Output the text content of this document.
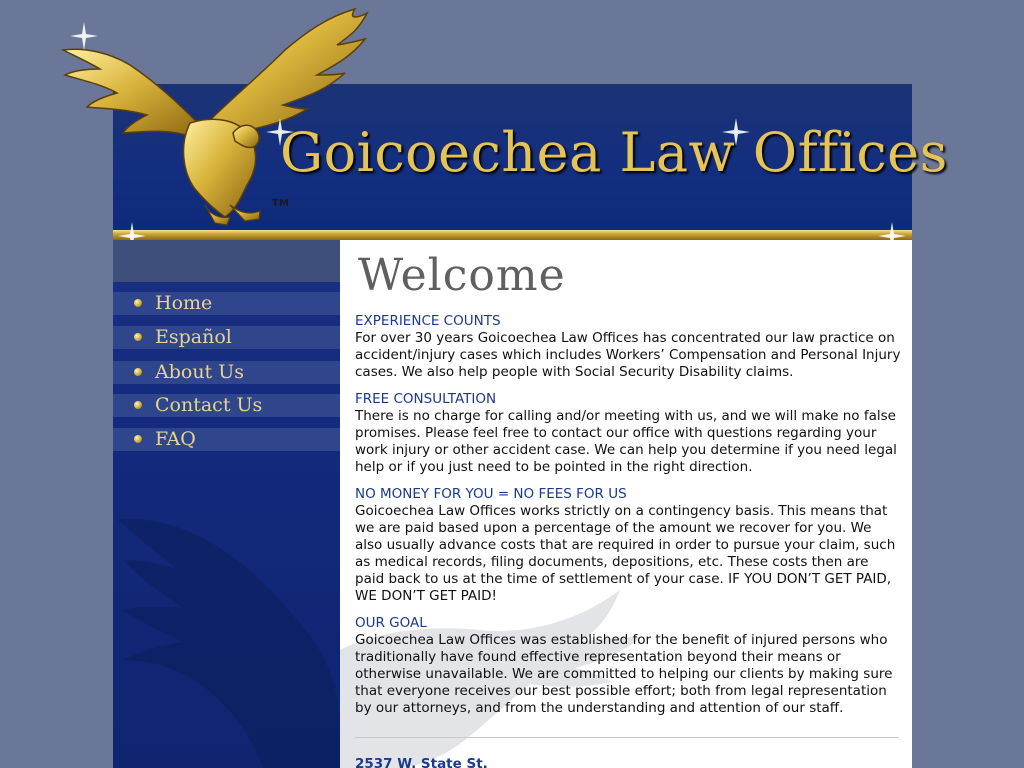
TM
Goicoechea Law Offices
Home
Español
About Us
Contact Us
FAQ
Welcome
EXPERIENCE COUNTS

For over 30 years Goicoechea Law Offices has concentrated our law practice on accident/injury cases which includes Workers’ Compensation and Personal Injury cases. We also help people with Social Security Disability claims.

FREE CONSULTATION

There is no charge for calling and/or meeting with us, and we will make no false promises. Please feel free to contact our office with questions regarding your work injury or other accident case. We can help you determine if you need legal help or if you just need to be pointed in the right direction.

NO MONEY FOR YOU = NO FEES FOR US

Goicoechea Law Offices works strictly on a contingency basis. This means that we are paid based upon a percentage of the amount we recover for you. We also usually advance costs that are required in order to pursue your claim, such as medical records, filing documents, depositions, etc. These costs then are paid back to us at the time of settlement of your case. IF YOU DON’T GET PAID, WE DON’T GET PAID!

OUR GOAL

Goicoechea Law Offices was established for the benefit of injured persons who traditionally have found effective representation beyond their means or otherwise unavailable. We are committed to helping our clients by making sure that everyone receives our best possible effort; both from legal representation by our attorneys, and from the understanding and attention of our staff.

2537 W. State St.
